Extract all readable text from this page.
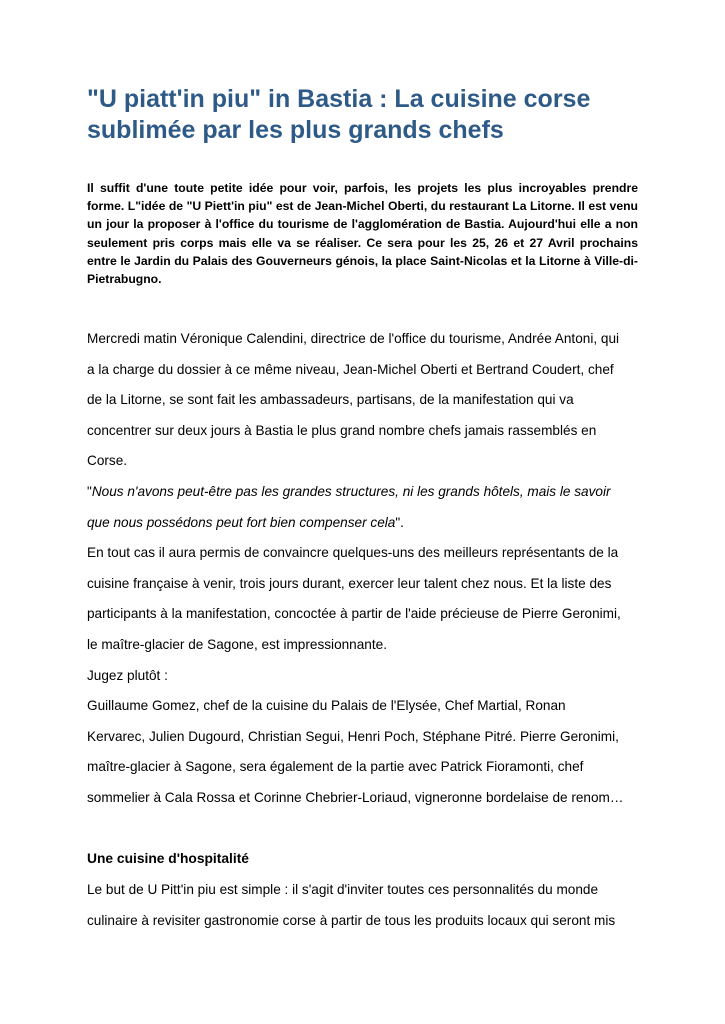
"U piatt'in piu" in Bastia : La cuisine corse
sublimée par les plus grands chefs

Il suffit d'une toute petite idée pour voir, parfois, les projets les plus incroyables prendre forme. L"idée de "U Piett'in piu" est de Jean-Michel Oberti, du restaurant La Litorne. Il est venu un jour la proposer à l'office du tourisme de l'agglomération de Bastia. Aujourd'hui elle a non seulement pris corps mais elle va se réaliser. Ce sera pour les 25, 26 et 27 Avril prochains entre le Jardin du Palais des Gouverneurs génois, la place Saint-Nicolas et la Litorne à Ville-di-Pietrabugno.

Mercredi matin Véronique Calendini, directrice de l'office du tourisme, Andrée Antoni, qui
a la charge du dossier à ce même niveau, Jean-Michel Oberti et Bertrand Coudert, chef
de la Litorne, se sont fait les ambassadeurs, partisans, de la manifestation qui va
concentrer sur deux jours à Bastia le plus grand nombre chefs jamais rassemblés en
Corse.
"Nous n'avons peut-être pas les grandes structures, ni les grands hôtels, mais le savoir
que nous possédons peut fort bien compenser cela".
En tout cas il aura permis de convaincre quelques-uns des meilleurs représentants de la
cuisine française à venir, trois jours durant, exercer leur talent chez nous. Et la liste des
participants à la manifestation, concoctée à partir de l'aide précieuse de Pierre Geronimi,
le maître-glacier de Sagone, est impressionnante.
Jugez plutôt :
Guillaume Gomez, chef de la cuisine du Palais de l'Elysée, Chef Martial, Ronan
Kervarec, Julien Dugourd, Christian Segui, Henri Poch, Stéphane Pitré. Pierre Geronimi,
maître-glacier à Sagone, sera également de la partie avec Patrick Fioramonti, chef
sommelier à Cala Rossa et Corinne Chebrier-Loriaud, vigneronne bordelaise de renom…
Une cuisine d'hospitalité
Le but de U Pitt'in piu est simple : il s'agit d'inviter toutes ces personnalités du monde
culinaire à revisiter gastronomie corse à partir de tous les produits locaux qui seront mis
